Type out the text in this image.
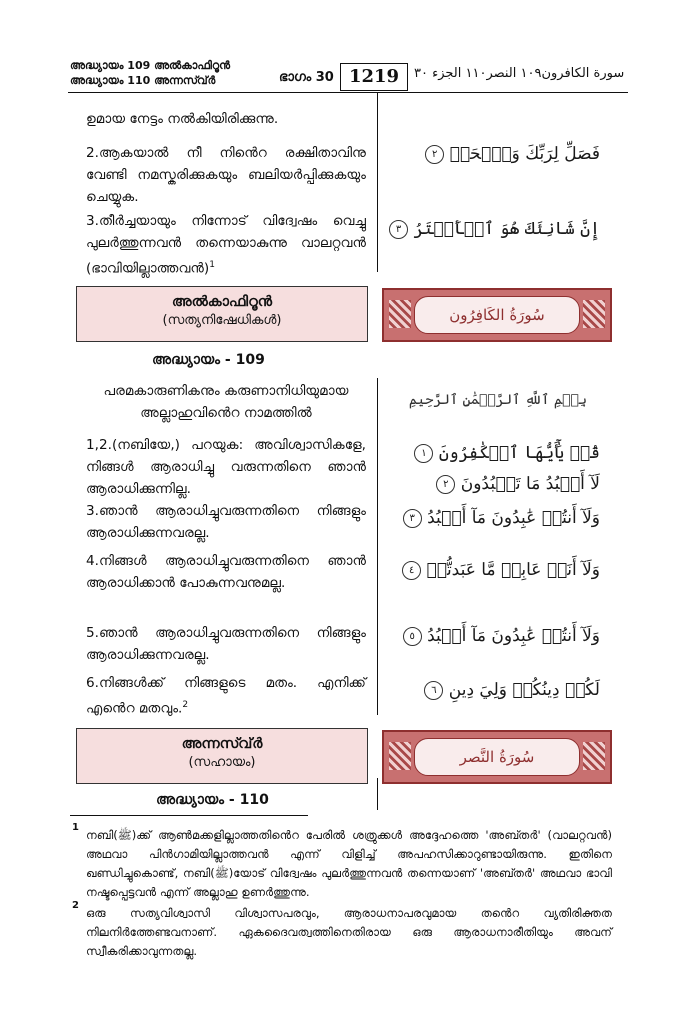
അദ്ധ്യായം 109 അൽകാഫിറൂൻ
അദ്ധ്യായം 110 അന്നസ്വ്ർ	ഭാഗം 30 1219	سورة الكافرون١٠٩ النصر١١٠ الجزء ٣٠
ഉമായ നേട്ടം നൽകിയിരിക്കുന്നു.
2.ആകയാൽ നീ നിൻെറ രക്ഷിതാവിനു വേണ്ടി നമസ്കരിക്കുകയും ബലിയർപ്പിക്കുകയും ചെയ്യുക.
3.തീർച്ചയായും നിന്നോട് വിദ്വേഷം വെച്ചു പുലർത്തുന്നവൻ തന്നെയാകുന്നു വാലറ്റവൻ (ഭാവിയില്ലാത്തവൻ)$^1$
فَصَلِّ لِرَبِّكَ وَٱنۡحَرۡ ٢
إِنَّ شَانِئَكَ هُوَ ٱلۡأَبۡتَرُ ٣
അൽകാഫിറൂൻ
(സത്യനിഷേധികൾ)	سُورَةُ الكَافِرُون
അദ്ധ്യായം - 109
പരമകാരുണികനും കരുണാനിധിയുമായ അല്ലാഹുവിൻെറ നാമത്തിൽ
بِسۡمِ ٱللَّهِ ٱلرَّحۡمَٰنِ ٱلرَّحِيمِ
1,2.(നബിയേ,) പറയുക: അവിശ്വാസികളേ, നിങ്ങൾ ആരാധിച്ചു വരുന്നതിനെ ഞാൻ ആരാധിക്കുന്നില്ല.
3.ഞാൻ ആരാധിച്ചുവരുന്നതിനെ നിങ്ങളും ആരാധിക്കുന്നവരല്ല.
4.നിങ്ങൾ ആരാധിച്ചുവരുന്നതിനെ ഞാൻ ആരാധിക്കാൻ പോകുന്നവനുമല്ല.
5.ഞാൻ ആരാധിച്ചുവരുന്നതിനെ നിങ്ങളും ആരാധിക്കുന്നവരല്ല.
6.നിങ്ങൾക്ക് നിങ്ങളുടെ മതം. എനിക്ക് എൻെറ മതവും.$^2$
قُلۡ يَٰٓأَيُّهَا ٱلۡكَٰفِرُونَ ١
لَآ أَعۡبُدُ مَا تَعۡبُدُونَ ٢
وَلَآ أَنتُمۡ عَٰبِدُونَ مَآ أَعۡبُدُ ٣
وَلَآ أَنَا۠ عَابِدٞ مَّا عَبَدتُّمۡ ٤
وَلَآ أَنتُمۡ عَٰبِدُونَ مَآ أَعۡبُدُ ٥
لَكُمۡ دِينُكُمۡ وَلِيَ دِينِ ٦
അന്നസ്വ്ർ
(സഹായം)	سُورَةُ النَّصر
അദ്ധ്യായം - 110
1
നബി(ﷺ)ക്ക് ആൺമക്കളില്ലാത്തതിൻെറ പേരിൽ ശത്രുക്കൾ അദ്ദേഹത്തെ 'അബ്തർ' (വാലറ്റവൻ) അഥവാ പിൻഗാമിയില്ലാത്തവൻ എന്ന് വിളിച്ച് അപഹസിക്കാറുണ്ടായിരുന്നു. ഇതിനെ ഖണ്ഡിച്ചുകൊണ്ട്, നബി(ﷺ)യോട് വിദ്വേഷം പുലർത്തുന്നവൻ തന്നെയാണ് 'അബ്തർ' അഥവാ ഭാവി നഷ്ടപ്പെട്ടവൻ എന്ന് അല്ലാഹു ഉണർത്തുന്നു.
2
ഒരു സത്യവിശ്വാസി വിശ്വാസപരവും, ആരാധനാപരവുമായ തൻെറ വ്യതിരിക്തത നിലനിർത്തേണ്ടവനാണ്. ഏകദൈവത്വത്തിനെതിരായ ഒരു ആരാധനാരീതിയും അവന് സ്വീകരിക്കാവുന്നതല്ല.
